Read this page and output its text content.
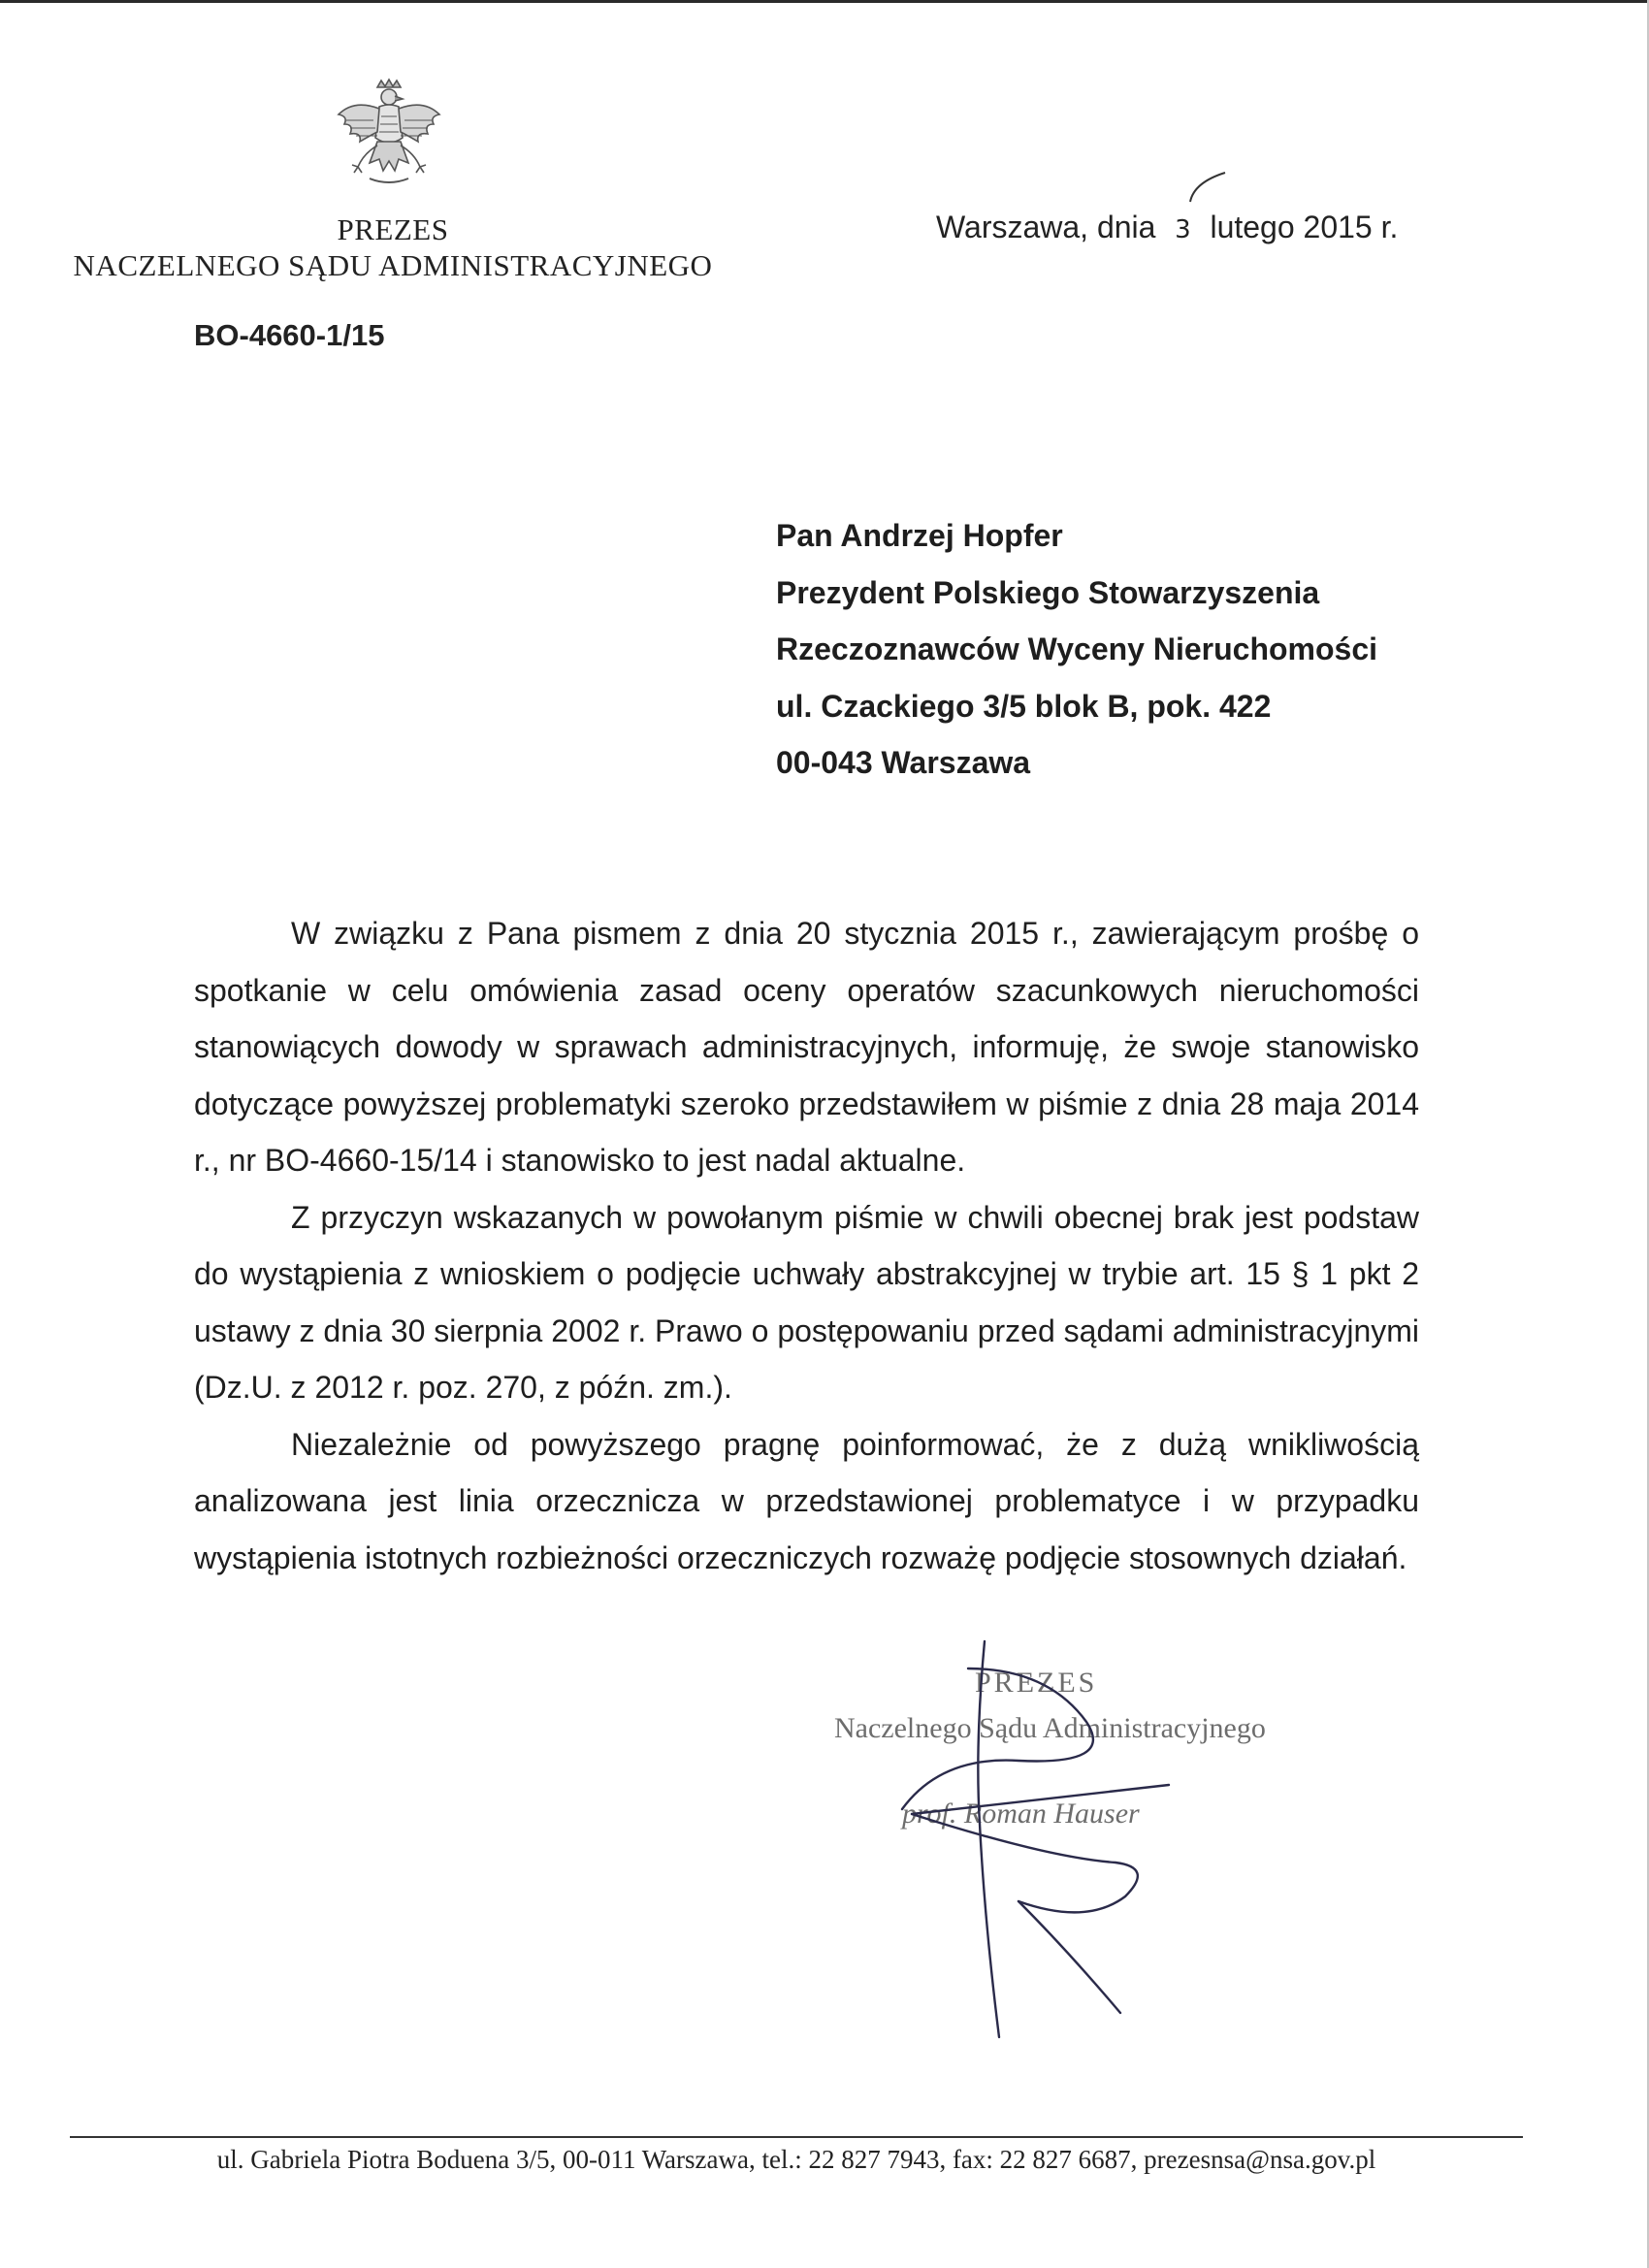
PREZES
NACZELNEGO SĄDU ADMINISTRACYJNEGO
Warszawa, dnia 3 lutego 2015 r.
BO-4660-1/15
Pan Andrzej Hopfer
Prezydent Polskiego Stowarzyszenia
Rzeczoznawców Wyceny Nieruchomości
ul. Czackiego 3/5 blok B, pok. 422
00-043 Warszawa

W związku z Pana pismem z dnia 20 stycznia 2015 r., zawierającym prośbę o spotkanie w celu omówienia zasad oceny operatów szacunkowych nieruchomości stanowiących dowody w sprawach administracyjnych, informuję, że swoje stanowisko dotyczące powyższej problematyki szeroko przedstawiłem w piśmie z dnia 28 maja 2014 r., nr BO-4660-15/14 i stanowisko to jest nadal aktualne.

Z przyczyn wskazanych w powołanym piśmie w chwili obecnej brak jest podstaw do wystąpienia z wnioskiem o podjęcie uchwały abstrakcyjnej w trybie art. 15 § 1 pkt 2 ustawy z dnia 30 sierpnia 2002 r. Prawo o postępowaniu przed sądami administracyjnymi (Dz.U. z 2012 r. poz. 270, z późn. zm.).

Niezależnie od powyższego pragnę poinformować, że z dużą wnikliwością analizowana jest linia orzecznicza w przedstawionej problematyce i w przypadku wystąpienia istotnych rozbieżności orzeczniczych rozważę podjęcie stosownych działań.

PREZES
Naczelnego Sądu Administracyjnego
prof. Roman Hauser
ul. Gabriela Piotra Boduena 3/5, 00-011 Warszawa, tel.: 22 827 7943, fax: 22 827 6687, prezesnsa@nsa.gov.pl
